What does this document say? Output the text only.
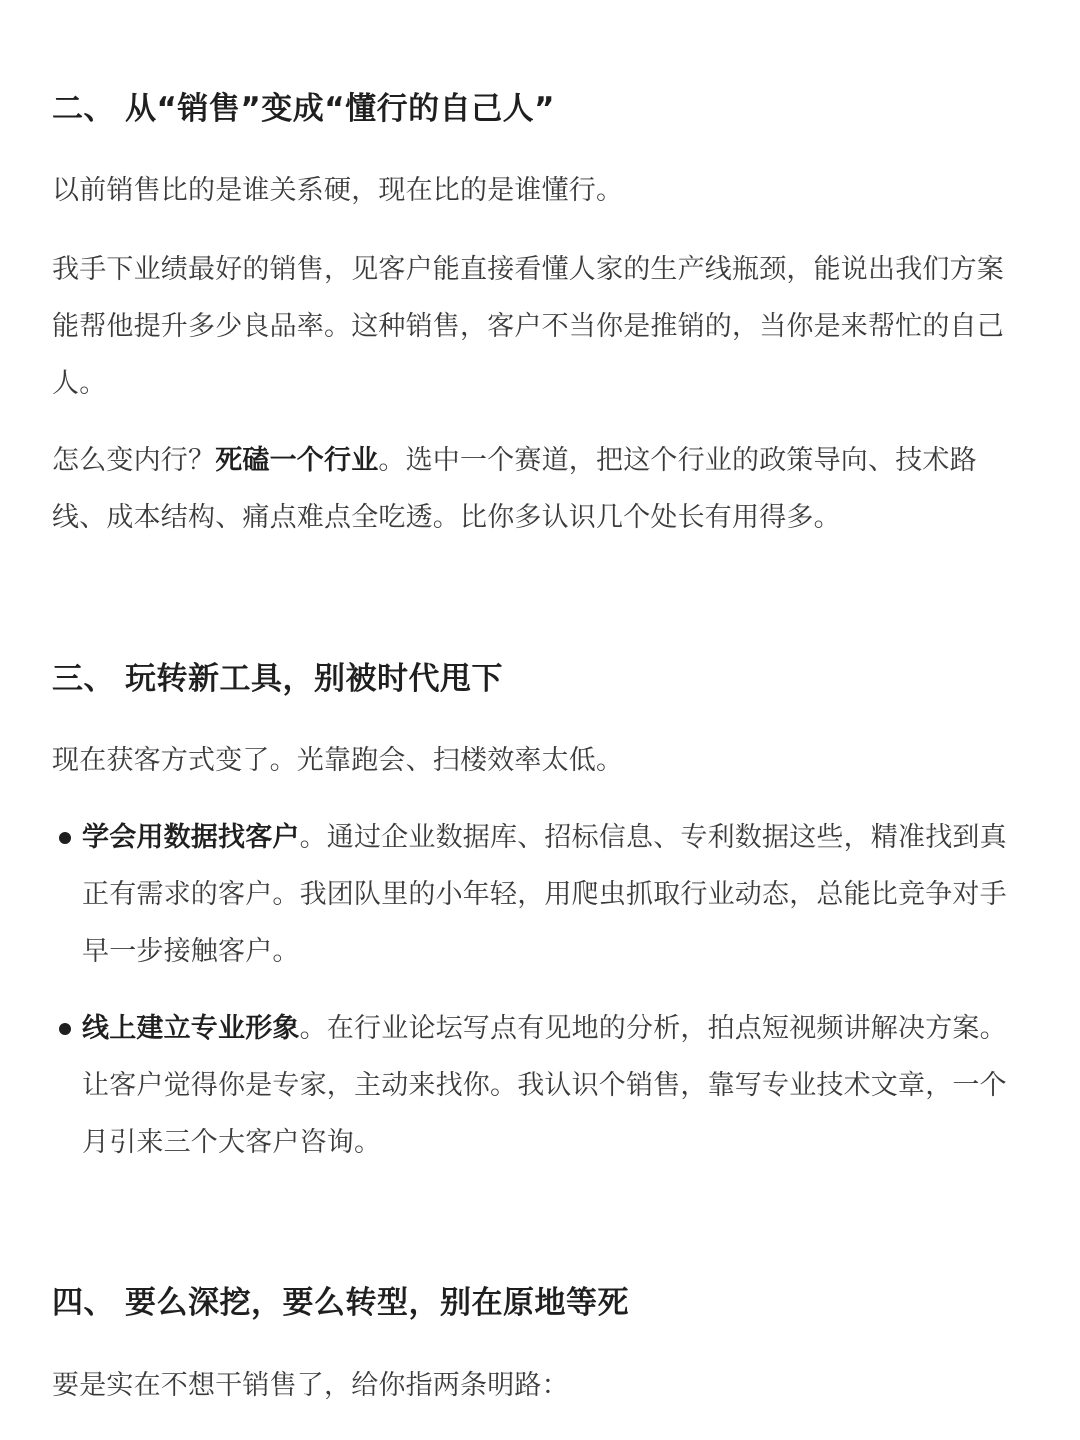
二、 从“销售”变成“懂行的自己人”

以前销售比的是谁关系硬，现在比的是谁懂行。

我手下业绩最好的销售，见客户能直接看懂人家的生产线瓶颈，能说出我们方案能帮他提升多少良品率。这种销售，客户不当你是推销的，当你是来帮忙的自己人。

怎么变内行？死磕一个行业。选中一个赛道，把这个行业的政策导向、技术路线、成本结构、痛点难点全吃透。比你多认识几个处长有用得多。

三、 玩转新工具，别被时代甩下

现在获客方式变了。光靠跑会、扫楼效率太低。

学会用数据找客户。通过企业数据库、招标信息、专利数据这些，精准找到真正有需求的客户。我团队里的小年轻，用爬虫抓取行业动态，总能比竞争对手早一步接触客户。
线上建立专业形象。在行业论坛写点有见地的分析，拍点短视频讲解决方案。让客户觉得你是专家，主动来找你。我认识个销售，靠写专业技术文章，一个月引来三个大客户咨询。
四、 要么深挖，要么转型，别在原地等死

要是实在不想干销售了，给你指两条明路：
